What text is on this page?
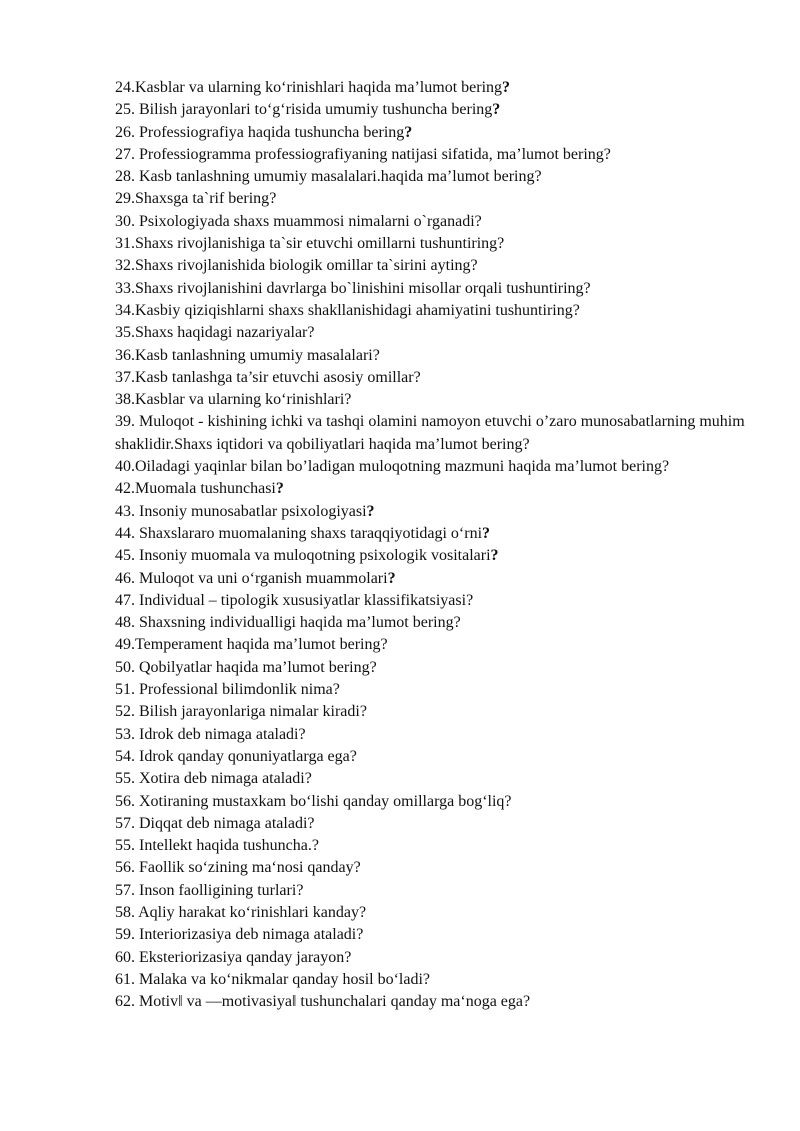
24.Kasblar va ularning koʻrinishlari haqida maʼlumot bering?

25. Bilish jarayonlari toʻgʻrisida umumiy tushuncha bering?

26. Professiografiya haqida tushuncha bering?

27. Professiogramma professiografiyaning natijasi sifatida, ma’lumot bering?

28. Kasb tanlashning umumiy masalalari.haqida ma’lumot bering?

29.Shaxsga ta`rif bering?

30. Psixologiyada shaxs muammosi nimalarni o`rganadi?

31.Shaxs rivojlanishiga ta`sir etuvchi omillarni tushuntiring?

32.Shaxs rivojlanishida biologik omillar ta`sirini ayting?

33.Shaxs rivojlanishini davrlarga bo`linishini misollar orqali tushuntiring?

34.Kasbiy qiziqishlarni shaxs shakllanishidagi ahamiyatini tushuntiring?

35.Shaxs haqidagi nazariyalar?

36.Kasb tanlashning umumiy masalalari?

37.Kasb tanlashga ta’sir etuvchi asosiy omillar?

38.Kasblar va ularning koʻrinishlari?

39. Muloqot - kishining ichki va tashqi olamini namoyon etuvchi o’zaro munosabatlarning muhim shaklidir.Shaxs iqtidori va qobiliyatlari haqida ma’lumot bering?

40.Oiladagi yaqinlar bilan bo’ladigan muloqotning mazmuni haqida ma’lumot bering?

42.Muomala tushunchasi?

43. Insoniy munosabatlar psixologiyasi?

44. Shaxslararo muomalaning shaxs taraqqiyotidagi oʻrni?

45. Insoniy muomala va muloqotning psixologik vositalari?

46. Muloqot va uni oʻrganish muammolari?

47. Individual – tipologik xususiyatlar klassifikatsiyasi?

48. Shaxsning individualligi haqida ma’lumot bering?

49.Temperament haqida ma’lumot bering?

50. Qobilyatlar haqida ma’lumot bering?

51. Professional bilimdonlik nima?

52. Bilish jarayonlariga nimalar kiradi?

53. Idrok deb nimaga ataladi?

54. Idrok qanday qonuniyatlarga ega?

55. Xotira deb nimaga ataladi?

56. Xotiraning mustaxkam boʻlishi qanday omillarga bogʻliq?

57. Diqqat deb nimaga ataladi?

55. Intellekt haqida tushuncha.?

56. Faollik soʻzining maʻnosi qanday?

57. Inson faolligining turlari?

58. Aqliy harakat koʻrinishlari kanday?

59. Interiorizasiya deb nimaga ataladi?

60. Eksteriorizasiya qanday jarayon?

61. Malaka va koʻnikmalar qanday hosil boʻladi?

62. Motiv‖ va ―motivasiya‖ tushunchalari qanday maʻnoga ega?
